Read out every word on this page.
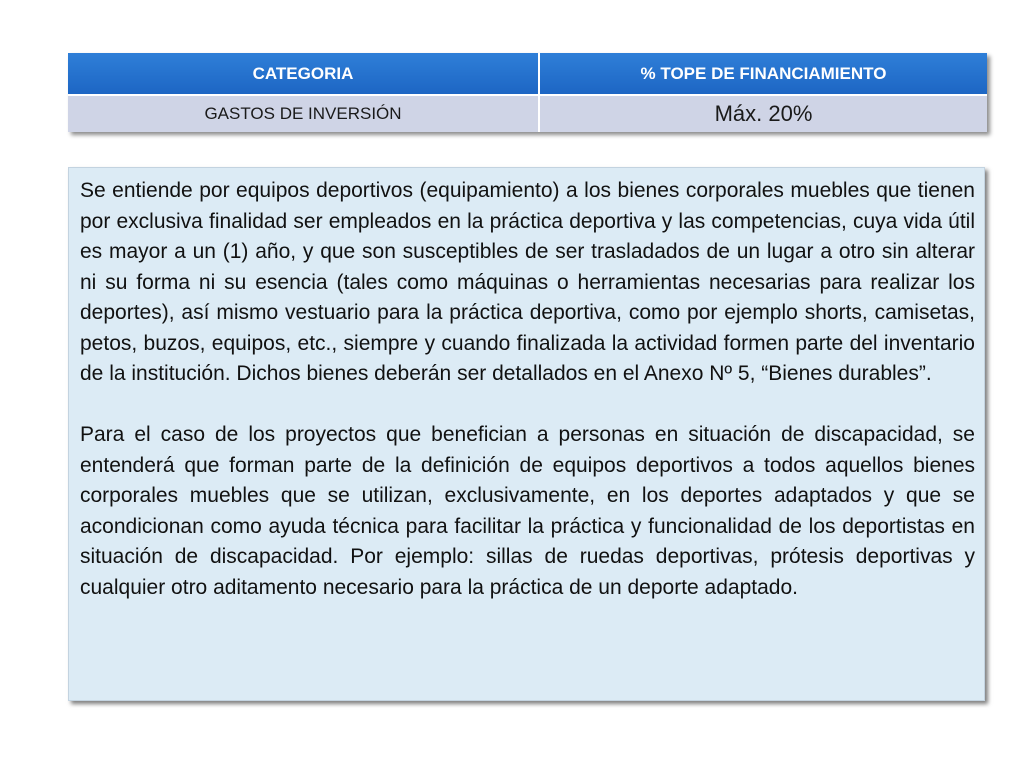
CATEGORIA	% TOPE DE FINANCIAMIENTO
GASTOS DE INVERSIÓN	Máx. 20%

Se entiende por equipos deportivos (equipamiento) a los bienes corporales muebles que tienen por exclusiva finalidad ser empleados en la práctica deportiva y las competencias, cuya vida útil es mayor a un (1) año, y que son susceptibles de ser trasladados de un lugar a otro sin alterar ni su forma ni su esencia (tales como máquinas o herramientas necesarias para realizar los deportes), así mismo vestuario para la práctica deportiva, como por ejemplo shorts, camisetas, petos, buzos, equipos, etc., siempre y cuando finalizada la actividad formen parte del inventario de la institución. Dichos bienes deberán ser detallados en el Anexo Nº 5, “Bienes durables”.

Para el caso de los proyectos que benefician a personas en situación de discapacidad, se entenderá que forman parte de la definición de equipos deportivos a todos aquellos bienes corporales muebles que se utilizan, exclusivamente, en los deportes adaptados y que se acondicionan como ayuda técnica para facilitar la práctica y funcionalidad de los deportistas en situación de discapacidad. Por ejemplo: sillas de ruedas deportivas, prótesis deportivas y cualquier otro aditamento necesario para la práctica de un deporte adaptado.
